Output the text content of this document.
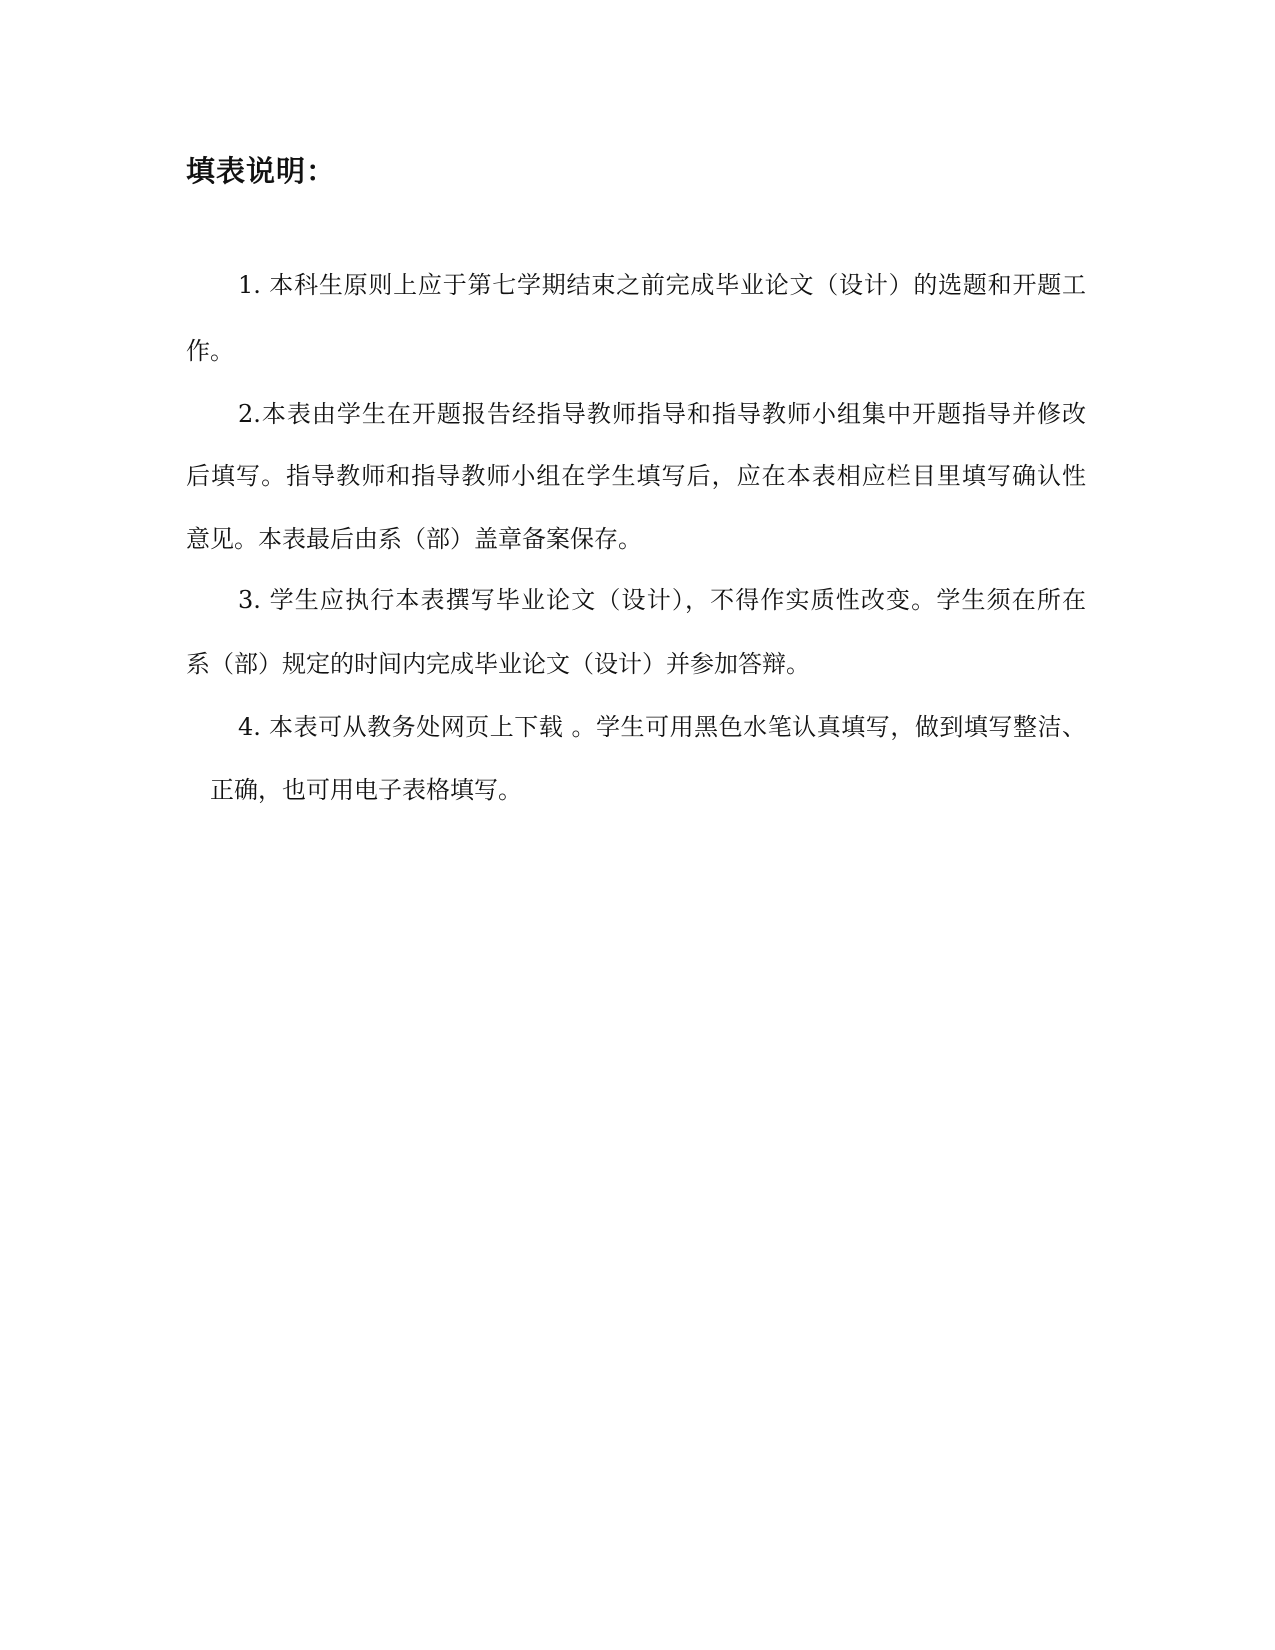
填表说明：
1. 本科生原则上应于第七学期结束之前完成毕业论文（设计）的选题和开题工
作。
2.本表由学生在开题报告经指导教师指导和指导教师小组集中开题指导并修改
后填写。指导教师和指导教师小组在学生填写后，应在本表相应栏目里填写确认性
意见。本表最后由系（部）盖章备案保存。
3. 学生应执行本表撰写毕业论文（设计），不得作实质性改变。学生须在所在
系（部）规定的时间内完成毕业论文（设计）并参加答辩。
4. 本表可从教务处网页上下载 。学生可用黑色水笔认真填写，做到填写整洁、
正确，也可用电子表格填写。
